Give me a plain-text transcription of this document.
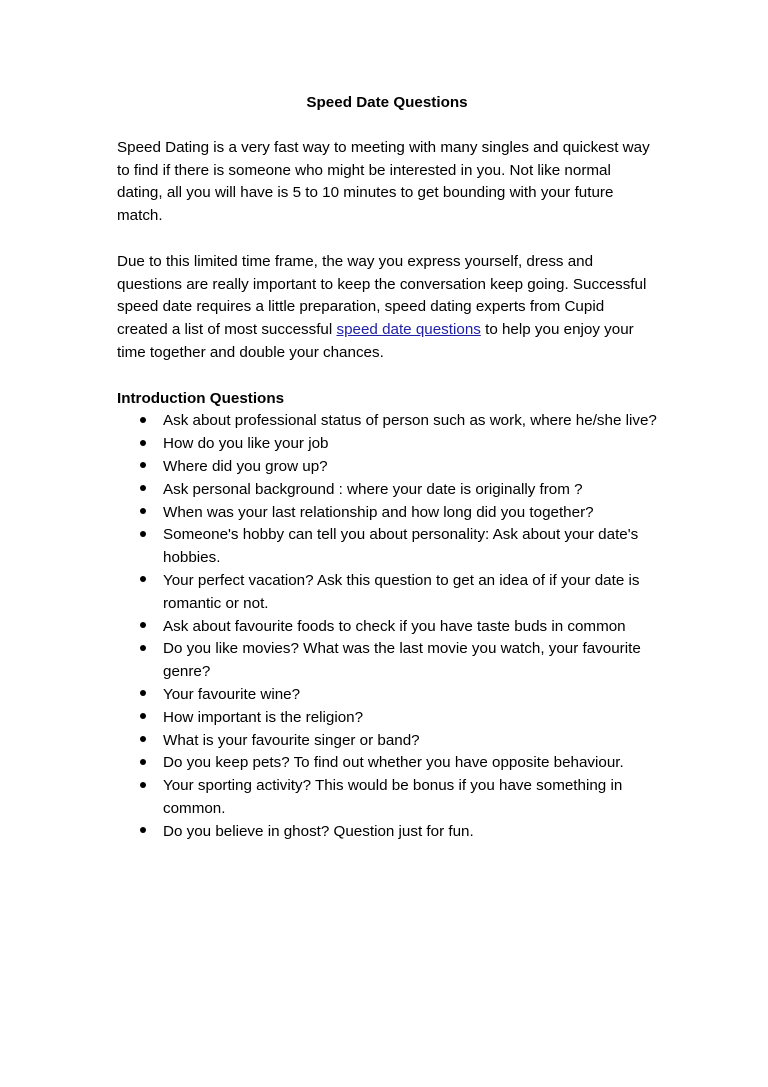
Speed Date Questions

Speed Dating is a very fast way to meeting with many singles and quickest way to find if there is someone who might be interested in you. Not like normal dating, all you will have is 5 to 10 minutes to get bounding with your future match.

Due to this limited time frame, the way you express yourself, dress and questions are really important to keep the conversation keep going. Successful speed date requires a little preparation, speed dating experts from Cupid created a list of most successful speed date questions to help you enjoy your time together and double your chances.

Introduction Questions
Ask about professional status of person such as work, where he/she live?
How do you like your job
Where did you grow up?
Ask personal background : where your date is originally from ?
When was your last relationship and how long did you together?
Someone's hobby can tell you about personality: Ask about your date's hobbies.
Your perfect vacation? Ask this question to get an idea of if your date is romantic or not.
Ask about favourite foods to check if you have taste buds in common
Do you like movies? What was the last movie you watch, your favourite genre?
Your favourite wine?
How important is the religion?
What is your favourite singer or band?
Do you keep pets? To find out whether you have opposite behaviour.
Your sporting activity? This would be bonus if you have something in common.
Do you believe in ghost? Question just for fun.
